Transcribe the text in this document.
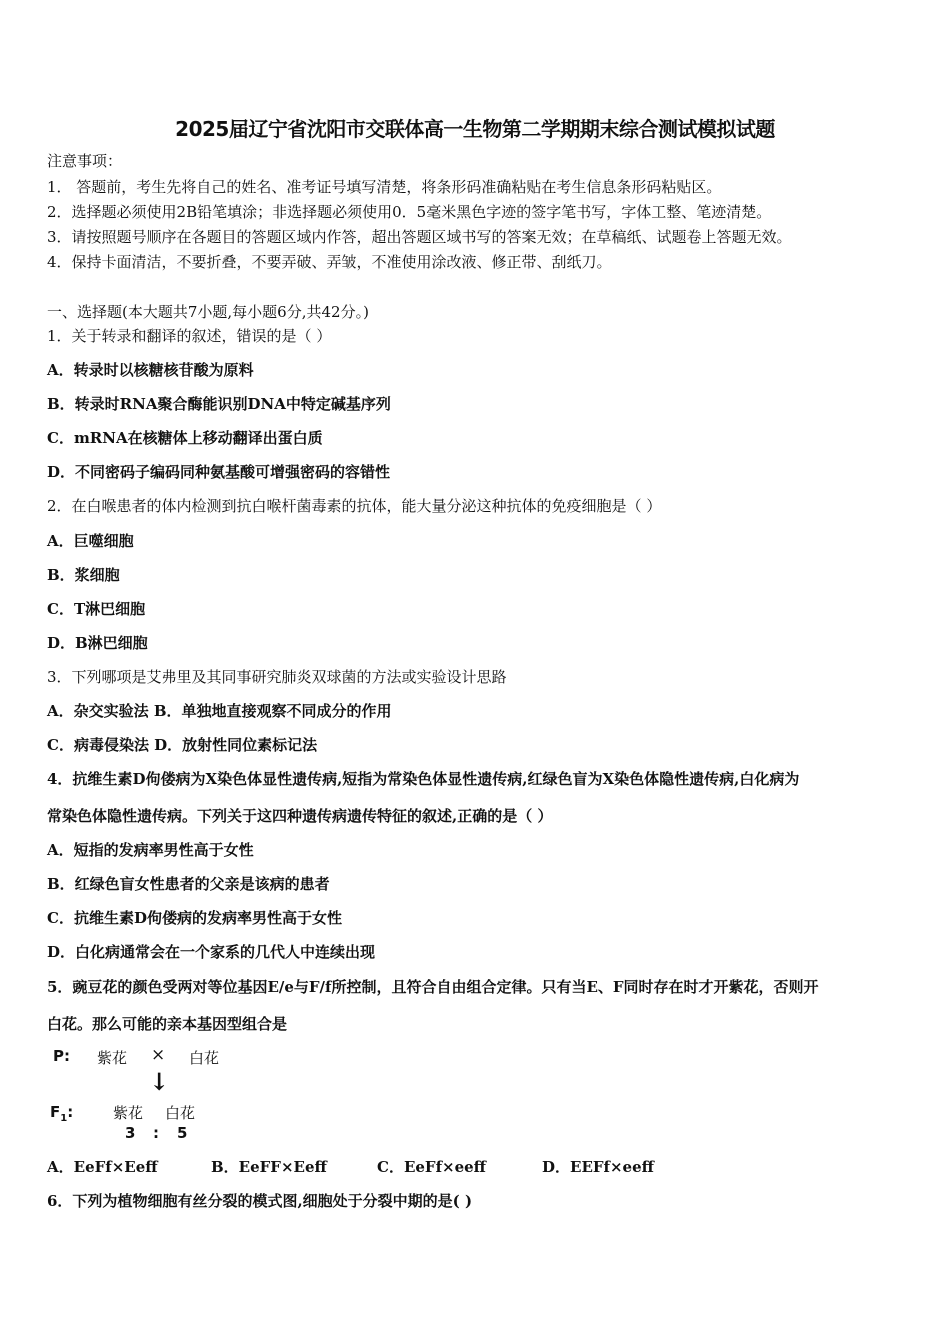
2025届辽宁省沈阳市交联体高一生物第二学期期末综合测试模拟试题
注意事项：
1． 答题前，考生先将自己的姓名、准考证号填写清楚，将条形码准确粘贴在考生信息条形码粘贴区。
2．选择题必须使用2B铅笔填涂；非选择题必须使用0．5毫米黑色字迹的签字笔书写，字体工整、笔迹清楚。
3．请按照题号顺序在各题目的答题区域内作答，超出答题区域书写的答案无效；在草稿纸、试题卷上答题无效。
4．保持卡面清洁，不要折叠，不要弄破、弄皱，不准使用涂改液、修正带、刮纸刀。
一、选择题(本大题共7小题,每小题6分,共42分。)
1．关于转录和翻译的叙述，错误的是（ ）
A．转录时以核糖核苷酸为原料
B．转录时RNA聚合酶能识别DNA中特定碱基序列
C．mRNA在核糖体上移动翻译出蛋白质
D．不同密码子编码同种氨基酸可增强密码的容错性
2．在白喉患者的体内检测到抗白喉杆菌毒素的抗体，能大量分泌这种抗体的免疫细胞是（ ）
A．巨噬细胞
B．浆细胞
C．T淋巴细胞
D．B淋巴细胞
3．下列哪项是艾弗里及其同事研究肺炎双球菌的方法或实验设计思路
A．杂交实验法 B．单独地直接观察不同成分的作用
C．病毒侵染法 D．放射性同位素标记法
4．抗维生素D佝偻病为X染色体显性遗传病,短指为常染色体显性遗传病,红绿色盲为X染色体隐性遗传病,白化病为
常染色体隐性遗传病。下列关于这四种遗传病遗传特征的叙述,正确的是（ ）
A．短指的发病率男性高于女性
B．红绿色盲女性患者的父亲是该病的患者
C．抗维生素D佝偻病的发病率男性高于女性
D．白化病通常会在一个家系的几代人中连续出现
5．豌豆花的颜色受两对等位基因E/e与F/f所控制，且符合自由组合定律。只有当E、F同时存在时才开紫花，否则开
白花。那么可能的亲本基因型组合是
P: 紫花 × 白花
↓
$F_1$:	紫花 白花
3 : 5
A．EeFf×Eeff	B．EeFF×Eeff	C．EeFf×eeff	D．EEFf×eeff
6．下列为植物细胞有丝分裂的模式图,细胞处于分裂中期的是( )
